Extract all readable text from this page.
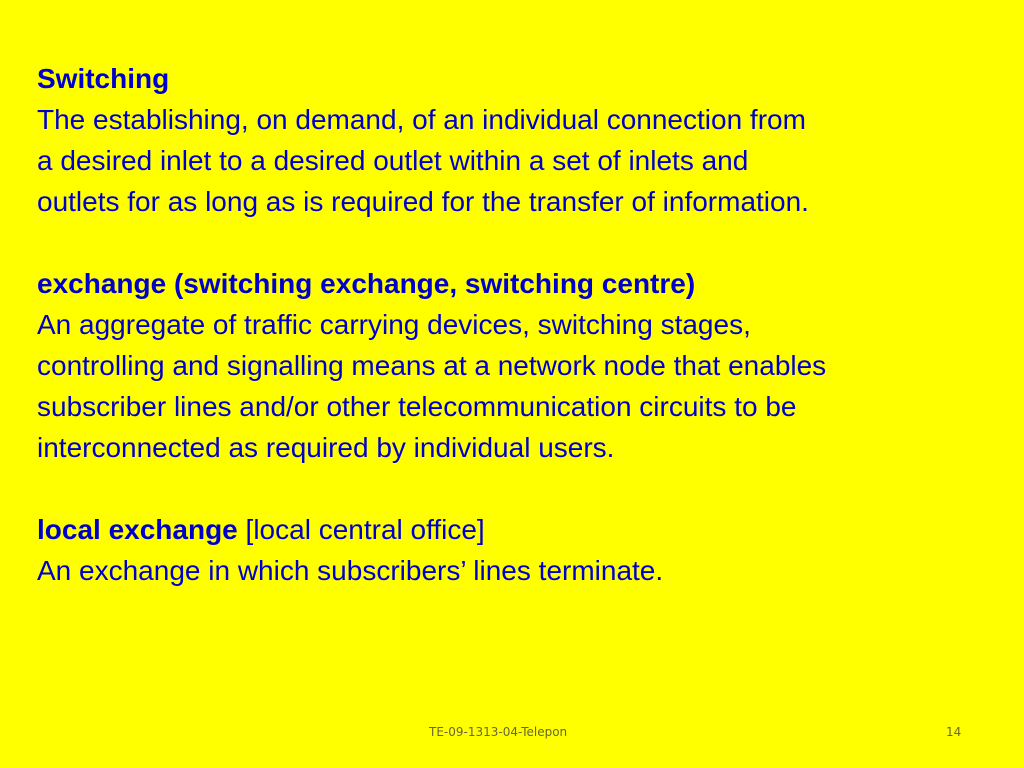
Switching
The establishing, on demand, of an individual connection from
a desired inlet to a desired outlet within a set of inlets and
outlets for as long as is required for the transfer of information.
exchange (switching exchange, switching centre)
An aggregate of traffic carrying devices, switching stages,
controlling and signalling means at a network node that enables
subscriber lines and/or other telecommunication circuits to be
interconnected as required by individual users.
local exchange [local central office]
An exchange in which subscribers’ lines terminate.
TE-09-1313-04-Telepon	14
